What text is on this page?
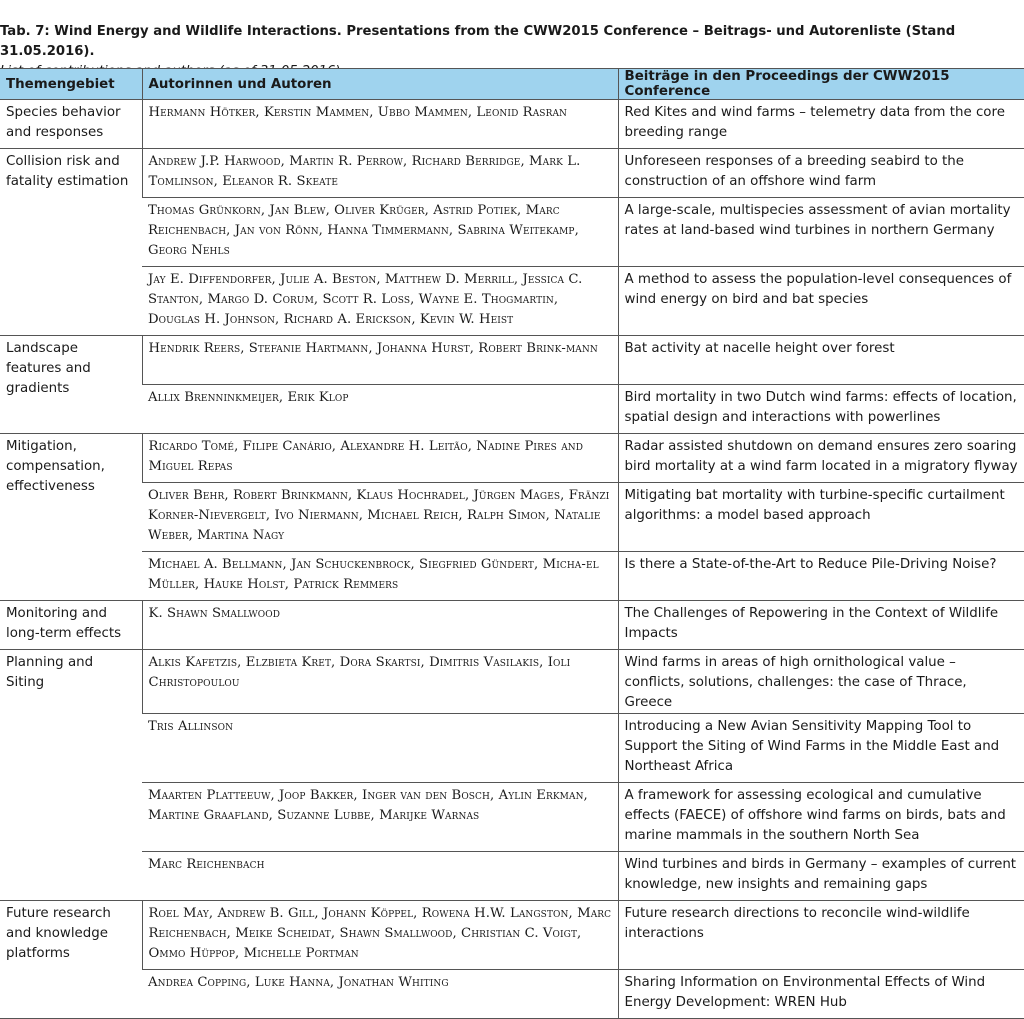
Tab. 7: Wind Energy and Wildlife Interactions. Presentations from the CWW2015 Conference – Beitrags- und Autorenliste (Stand 31.05.2016).
Themengebiet	Autorinnen und Autoren	Beiträge in den Proceedings der CWW2015 Conference
Species behavior and responses	Hermann Hötker, Kerstin Mammen, Ubbo Mammen, Leonid Rasran	Red Kites and wind farms – telemetry data from the core breeding range
Collision risk and fatality estimation	Andrew J.P. Harwood, Martin R. Perrow, Richard Berridge, Mark L. Tomlinson, Eleanor R. Skeate	Unforeseen responses of a breeding seabird to the construction of an offshore wind farm
	Thomas Grünkorn, Jan Blew, Oliver Krüger, Astrid Potiek, Marc Reichenbach, Jan von Rönn, Hanna Timmermann, Sabrina Weitekamp, Georg Nehls	A large-scale, multispecies assessment of avian mortality rates at land-based wind turbines in northern Germany
	Jay E. Diffendorfer, Julie A. Beston, Matthew D. Merrill, Jessica C. Stanton, Margo D. Corum, Scott R. Loss, Wayne E. Thogmartin, Douglas H. Johnson, Richard A. Erickson, Kevin W. Heist	A method to assess the population-level consequences of wind energy on bird and bat species
Landscape features and gradients	Hendrik Reers, Stefanie Hartmann, Johanna Hurst, Robert Brink-mann	Bat activity at nacelle height over forest
	Allix Brenninkmeijer, Erik Klop	Bird mortality in two Dutch wind farms: effects of location, spatial design and interactions with powerlines
Mitigation, compensation, effectiveness	Ricardo Tomé, Filipe Canário, Alexandre H. Leitão, Nadine Pires and Miguel Repas	Radar assisted shutdown on demand ensures zero soaring bird mortality at a wind farm located in a migratory flyway
	Oliver Behr, Robert Brinkmann, Klaus Hochradel, Jürgen Mages, Fränzi Korner-Nievergelt, Ivo Niermann, Michael Reich, Ralph Simon, Natalie Weber, Martina Nagy	Mitigating bat mortality with turbine-specific curtailment algorithms: a model based approach
	Michael A. Bellmann, Jan Schuckenbrock, Siegfried Gündert, Micha-el Müller, Hauke Holst, Patrick Remmers	Is there a State-of-the-Art to Reduce Pile-Driving Noise?
Monitoring and long-term effects	K. Shawn Smallwood	The Challenges of Repowering in the Context of Wildlife Impacts
Planning and Siting	Alkis Kafetzis, Elzbieta Kret, Dora Skartsi, Dimitris Vasilakis, Ioli Christopoulou	Wind farms in areas of high ornithological value – conflicts, solutions, challenges: the case of Thrace, Greece
	Tris Allinson	Introducing a New Avian Sensitivity Mapping Tool to Support the Siting of Wind Farms in the Middle East and Northeast Africa
	Maarten Platteeuw, Joop Bakker, Inger van den Bosch, Aylin Erkman, Martine Graafland, Suzanne Lubbe, Marijke Warnas	A framework for assessing ecological and cumulative effects (FAECE) of offshore wind farms on birds, bats and marine mammals in the southern North Sea
	Marc Reichenbach	Wind turbines and birds in Germany – examples of current knowledge, new insights and remaining gaps
Future research and knowledge platforms	Roel May, Andrew B. Gill, Johann Köppel, Rowena H.W. Langston, Marc Reichenbach, Meike Scheidat, Shawn Smallwood, Christian C. Voigt, Ommo Hüppop, Michelle Portman	Future research directions to reconcile wind-wildlife interactions
	Andrea Copping, Luke Hanna, Jonathan Whiting	Sharing Information on Environmental Effects of Wind Energy Development: WREN Hub
